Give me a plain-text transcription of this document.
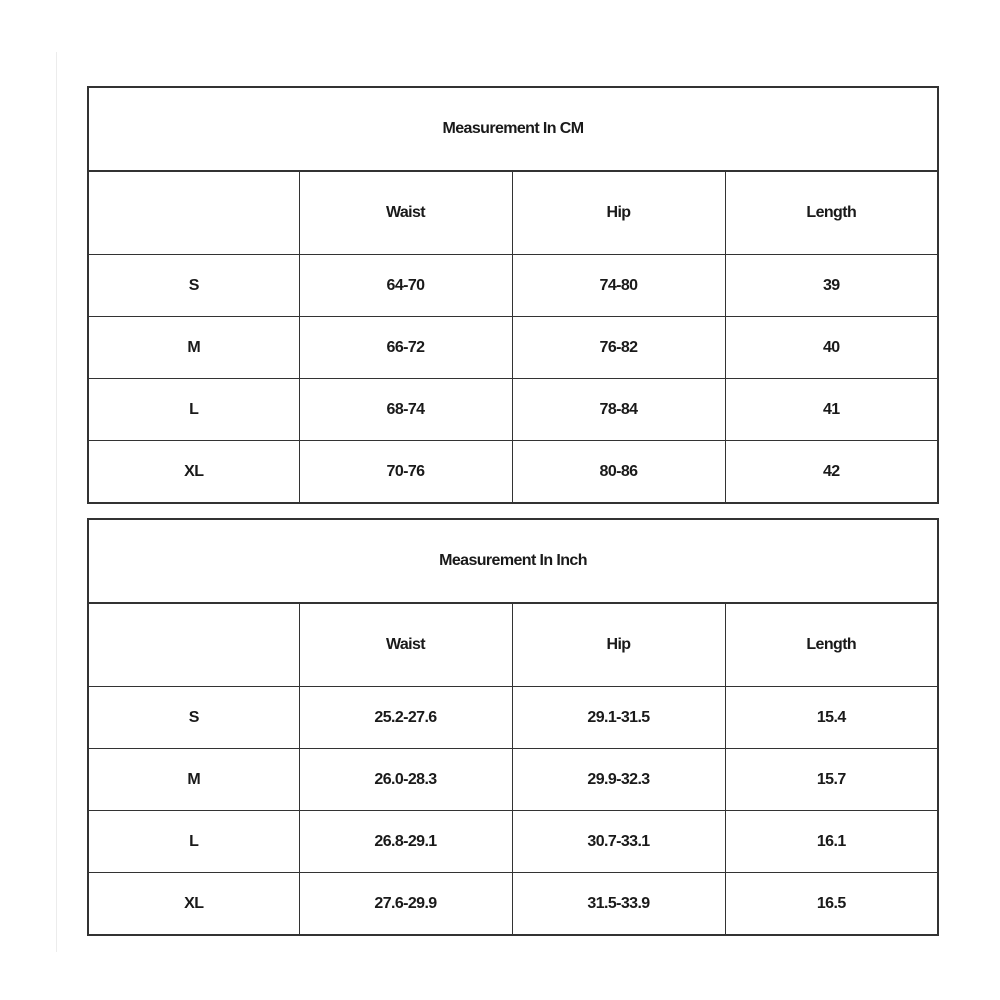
Measurement In CM			
	Waist	Hip	Length
S	64-70	74-80	39
M	66-72	76-82	40
L	68-74	78-84	41
XL	70-76	80-86	42
Measurement In Inch			
	Waist	Hip	Length
S	25.2-27.6	29.1-31.5	15.4
M	26.0-28.3	29.9-32.3	15.7
L	26.8-29.1	30.7-33.1	16.1
XL	27.6-29.9	31.5-33.9	16.5
